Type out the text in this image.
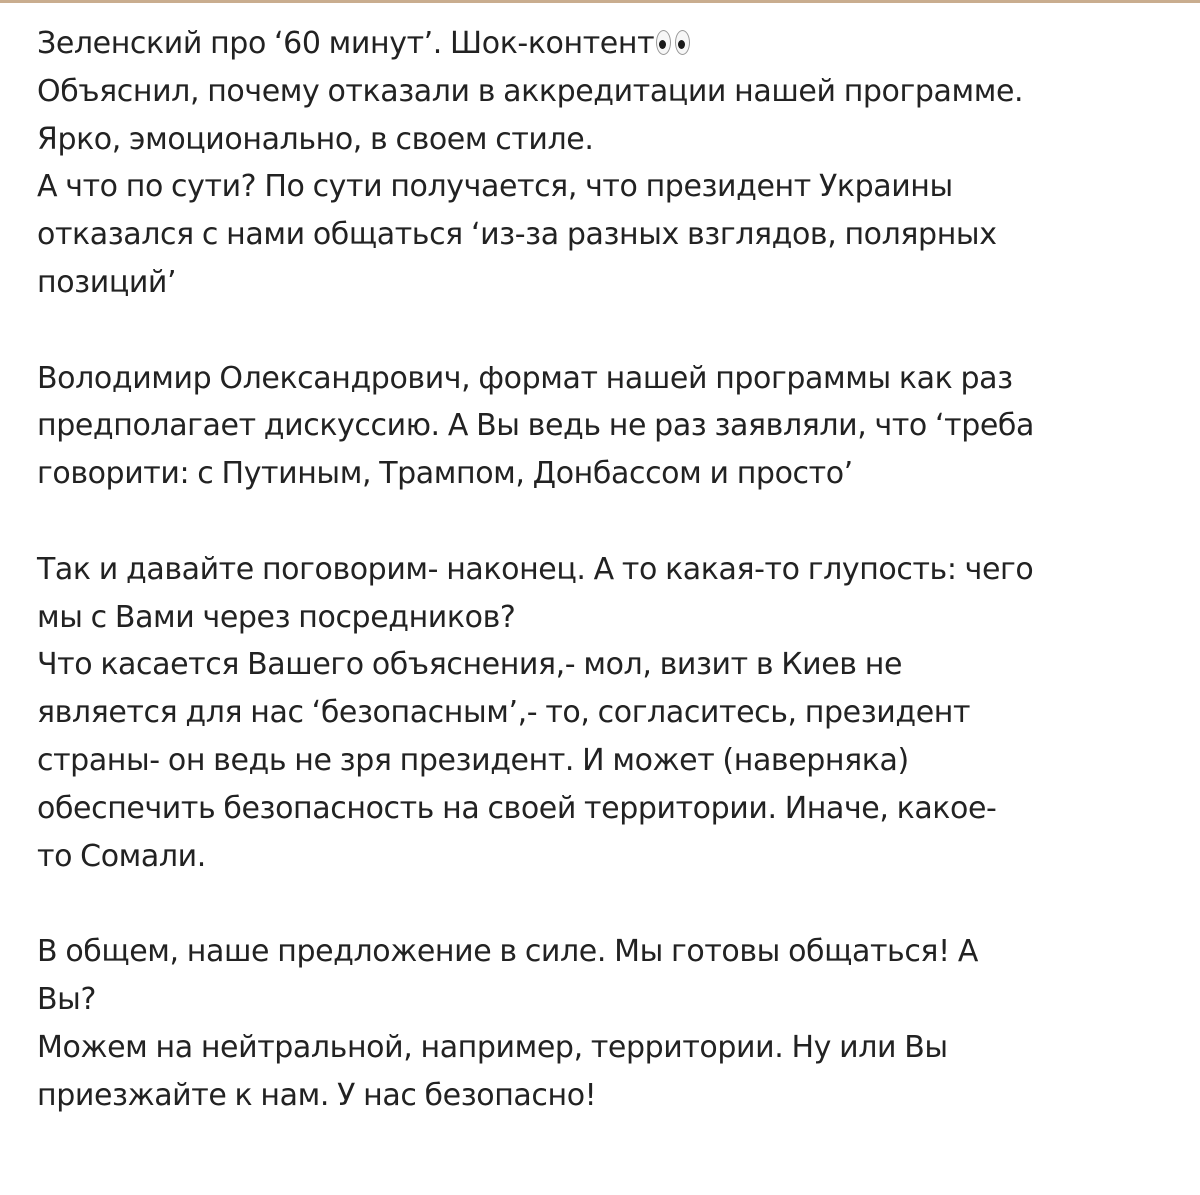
Зеленский про ‘60 минут’. Шок-контент
Объяснил, почему отказали в аккредитации нашей программе.
Ярко, эмоционально, в своем стиле.
А что по сути? По сути получается, что президент Украины
отказался с нами общаться ‘из-за разных взглядов, полярных
позиций’
Володимир Олександрович, формат нашей программы как раз
предполагает дискуссию. А Вы ведь не раз заявляли, что ‘треба
говорити: с Путиным, Трампом, Донбассом и просто’
Так и давайте поговорим- наконец. А то какая-то глупость: чего
мы с Вами через посредников?
Что касается Вашего объяснения,- мол, визит в Киев не
является для нас ‘безопасным’,- то, согласитесь, президент
страны- он ведь не зря президент. И может (наверняка)
обеспечить безопасность на своей территории. Иначе, какое-
то Сомали.
В общем, наше предложение в силе. Мы готовы общаться! А
Вы?
Можем на нейтральной, например, территории. Ну или Вы
приезжайте к нам. У нас безопасно!
